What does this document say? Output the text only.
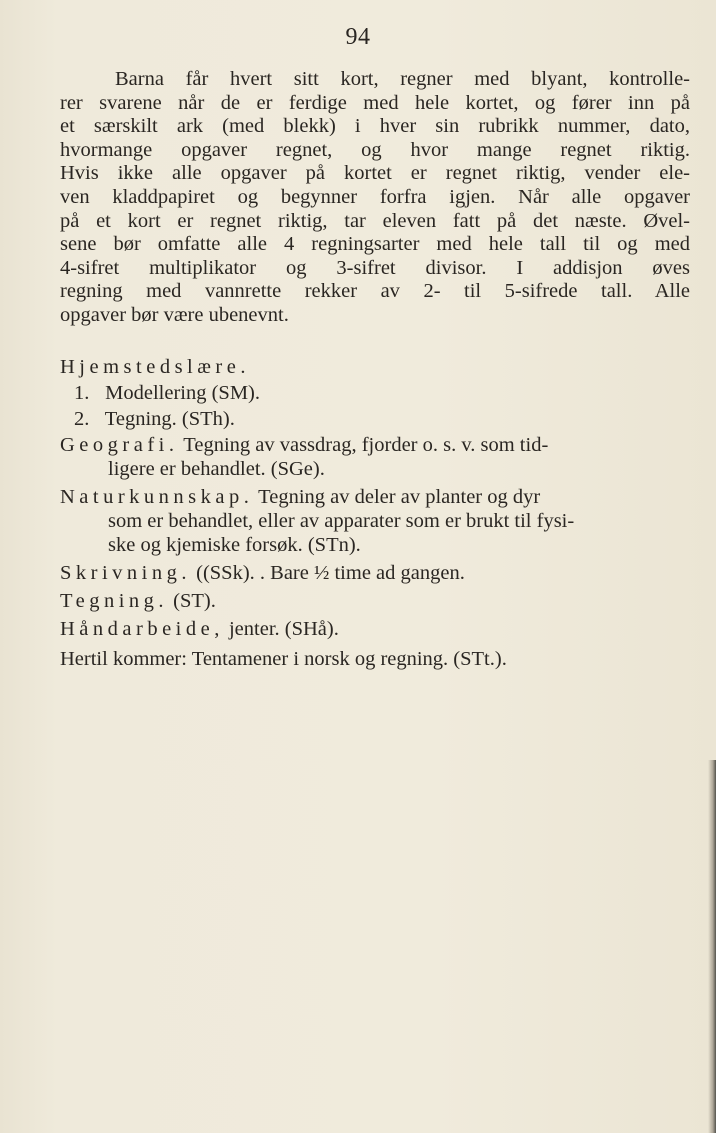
94
Barna får hvert sitt kort, regner med blyant, kontrolle-
rer svarene når de er ferdige med hele kortet, og fører inn på
et særskilt ark (med blekk) i hver sin rubrikk nummer, dato,
hvormange opgaver regnet, og hvor mange regnet riktig.
Hvis ikke alle opgaver på kortet er regnet riktig, vender ele-
ven kladdpapiret og begynner forfra igjen. Når alle opgaver
på et kort er regnet riktig, tar eleven fatt på det næste. Øvel-
sene bør omfatte alle 4 regningsarter med hele tall til og med
4-sifret multiplikator og 3-sifret divisor. I addisjon øves
regning med vannrette rekker av 2- til 5-sifrede tall. Alle
opgaver bør være ubenevnt.
Hjemstedslære.
1. Modellering (SM).
2. Tegning. (STh).
Geografi. Tegning av vassdrag, fjorder o. s. v. som tid-
ligere er behandlet. (SGe).
Naturkunnskap. Tegning av deler av planter og dyr
som er behandlet, eller av apparater som er brukt til fysi-
ske og kjemiske forsøk. (STn).
Skrivning. ((SSk). . Bare ½ time ad gangen.
Tegning. (ST).
Håndarbeide, jenter. (SHå).
Hertil kommer: Tentamener i norsk og regning. (STt.).
